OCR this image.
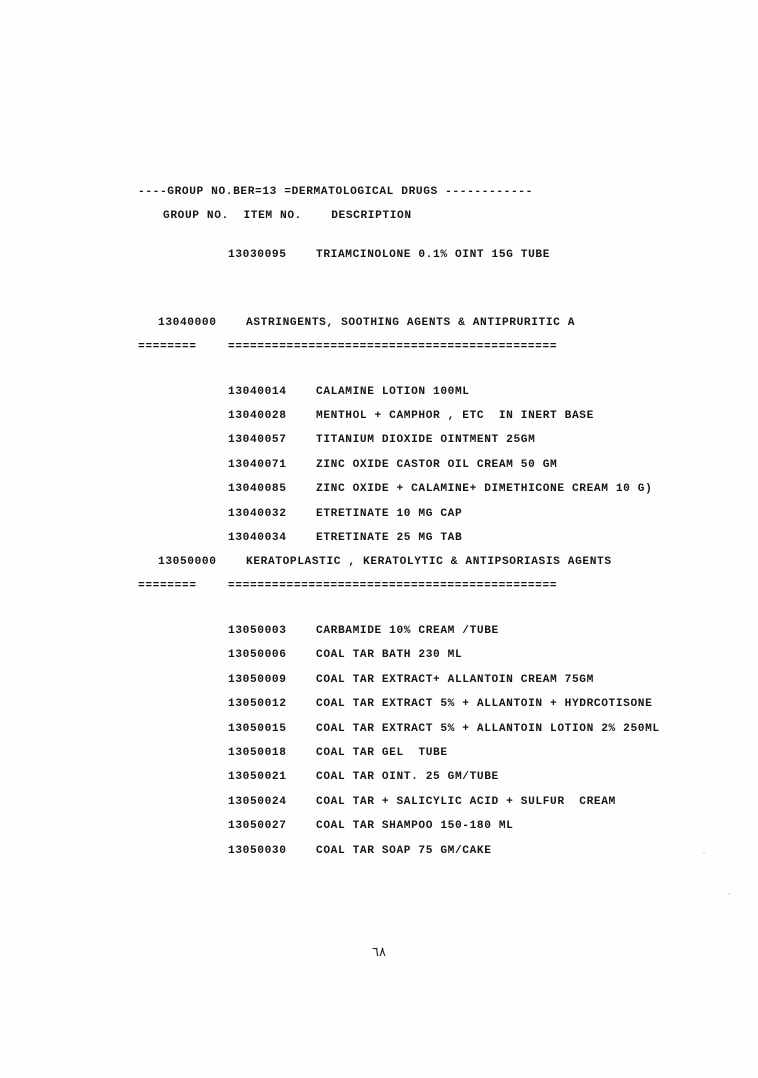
----GROUP NO.BER=13 =DERMATOLOGICAL DRUGS ------------
GROUP NO.  ITEM NO.    DESCRIPTION
13030095	TRIAMCINOLONE 0.1% OINT 15G TUBE
13040000	ASTRINGENTS, SOOTHING AGENTS & ANTIPRURITIC A
========	=============================================
13040014	CALAMINE LOTION 100ML
13040028	MENTHOL + CAMPHOR , ETC  IN INERT BASE
13040057	TITANIUM DIOXIDE OINTMENT 25GM
13040071	ZINC OXIDE CASTOR OIL CREAM 50 GM
13040085	ZINC OXIDE + CALAMINE+ DIMETHICONE CREAM 10 G)
13040032	ETRETINATE 10 MG CAP
13040034	ETRETINATE 25 MG TAB
13050000	KERATOPLASTIC , KERATOLYTIC & ANTIPSORIASIS AGENTS
========	=============================================
13050003	CARBAMIDE 10% CREAM /TUBE
13050006	COAL TAR BATH 230 ML
13050009	COAL TAR EXTRACT+ ALLANTOIN CREAM 75GM
13050012	COAL TAR EXTRACT 5% + ALLANTOIN + HYDRCOTISONE
13050015	COAL TAR EXTRACT 5% + ALLANTOIN LOTION 2% 250ML
13050018	COAL TAR GEL  TUBE
13050021	COAL TAR OINT. 25 GM/TUBE
13050024	COAL TAR + SALICYLIC ACID + SULFUR  CREAM
13050027	COAL TAR SHAMPOO 150-180 ML
13050030	COAL TAR SOAP 75 GM/CAKE
٦٨
